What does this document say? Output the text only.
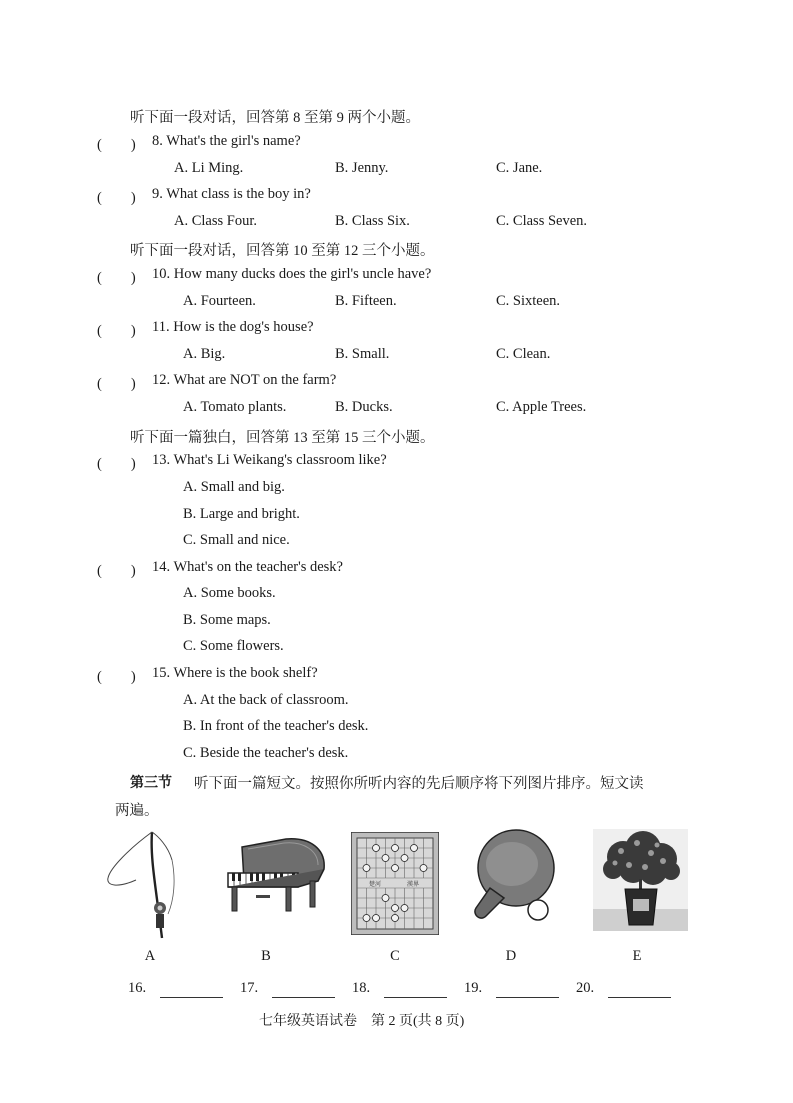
听下面一段对话，回答第 8 至第 9 两个小题。
(　　) 8. What's the girl's name?
A. Li Ming.	B. Jenny.	C. Jane.
(　　) 9. What class is the boy in?
A. Class Four.	B. Class Six.	C. Class Seven.
听下面一段对话，回答第 10 至第 12 三个小题。
(　　) 10. How many ducks does the girl's uncle have?
A. Fourteen.	B. Fifteen.	C. Sixteen.
(　　) 11. How is the dog's house?
A. Big.	B. Small.	C. Clean.
(　　) 12. What are NOT on the farm?
A. Tomato plants.	B. Ducks.	C. Apple Trees.
听下面一篇独白，回答第 13 至第 15 三个小题。
(　　) 13. What's Li Weikang's classroom like?
A. Small and big.
B. Large and bright.
C. Small and nice.
(　　) 14. What's on the teacher's desk?
A. Some books.
B. Some maps.
C. Some flowers.
(　　) 15. Where is the book shelf?
A. At the back of classroom.
B. In front of the teacher's desk.
C. Beside the teacher's desk.
第三节 听下面一篇短文。按照你所听内容的先后顺序将下列图片排序。短文读
两遍。
楚河	漢界
A	B	C	D	E
16.	17.	18.	19.	20.
七年级英语试卷　第 2 页(共 8 页)
